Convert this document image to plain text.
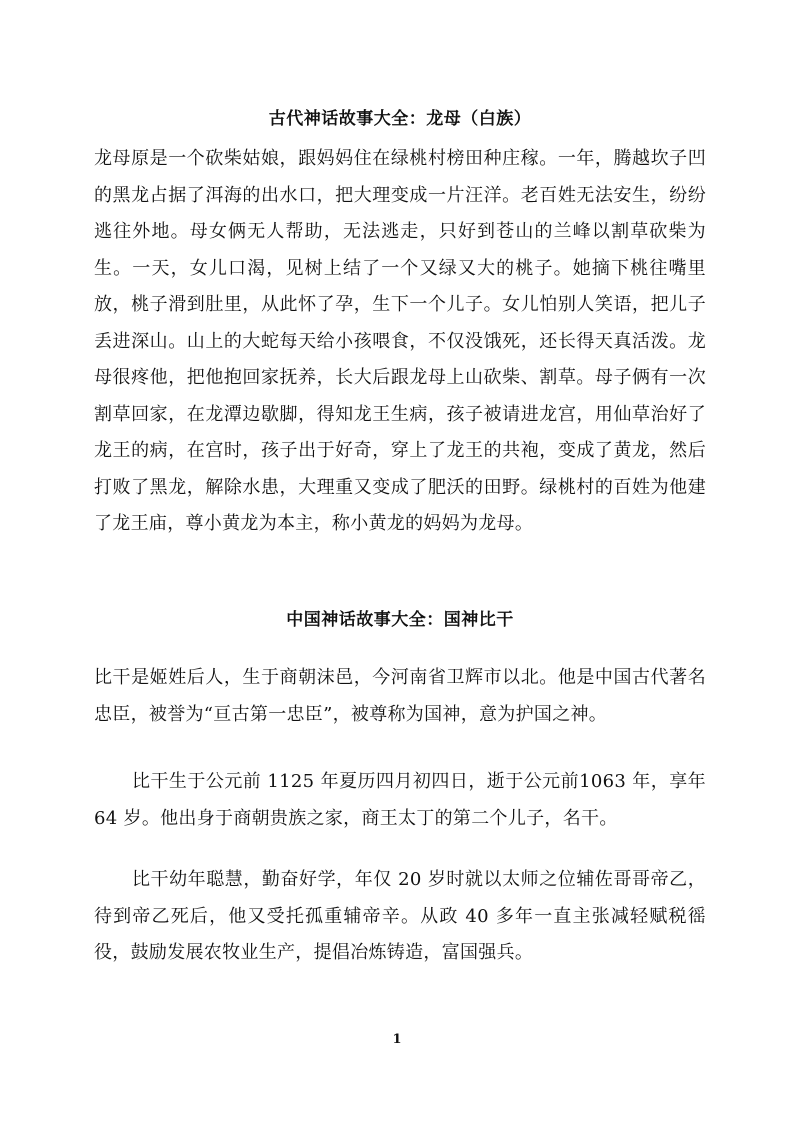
古代神话故事大全：龙母（白族）

龙母原是一个砍柴姑娘，跟妈妈住在绿桃村榜田种庄稼。一年，腾越坎子凹的黑龙占据了洱海的出水口，把大理变成一片汪洋。老百姓无法安生，纷纷逃往外地。母女俩无人帮助，无法逃走，只好到苍山的兰峰以割草砍柴为生。一天，女儿口渴，见树上结了一个又绿又大的桃子。她摘下桃往嘴里放，桃子滑到肚里，从此怀了孕，生下一个儿子。女儿怕别人笑语，把儿子丢进深山。山上的大蛇每天给小孩喂食，不仅没饿死，还长得天真活泼。龙母很疼他，把他抱回家抚养，长大后跟龙母上山砍柴、割草。母子俩有一次割草回家，在龙潭边歇脚，得知龙王生病，孩子被请进龙宫，用仙草治好了龙王的病，在宫时，孩子出于好奇，穿上了龙王的共袍，变成了黄龙，然后打败了黑龙，解除水患，大理重又变成了肥沃的田野。绿桃村的百姓为他建了龙王庙，尊小黄龙为本主，称小黄龙的妈妈为龙母。

中国神话故事大全：国神比干

比干是姬姓后人，生于商朝沫邑，今河南省卫辉市以北。他是中国古代著名忠臣，被誉为“亘古第一忠臣”，被尊称为国神，意为护国之神。

比干生于公元前 1125 年夏历四月初四日，逝于公元前1063 年，享年 64 岁。他出身于商朝贵族之家，商王太丁的第二个儿子，名干。

比干幼年聪慧，勤奋好学，年仅 20 岁时就以太师之位辅佐哥哥帝乙，待到帝乙死后，他又受托孤重辅帝辛。从政 40 多年一直主张减轻赋税徭役，鼓励发展农牧业生产，提倡冶炼铸造，富国强兵。

1
